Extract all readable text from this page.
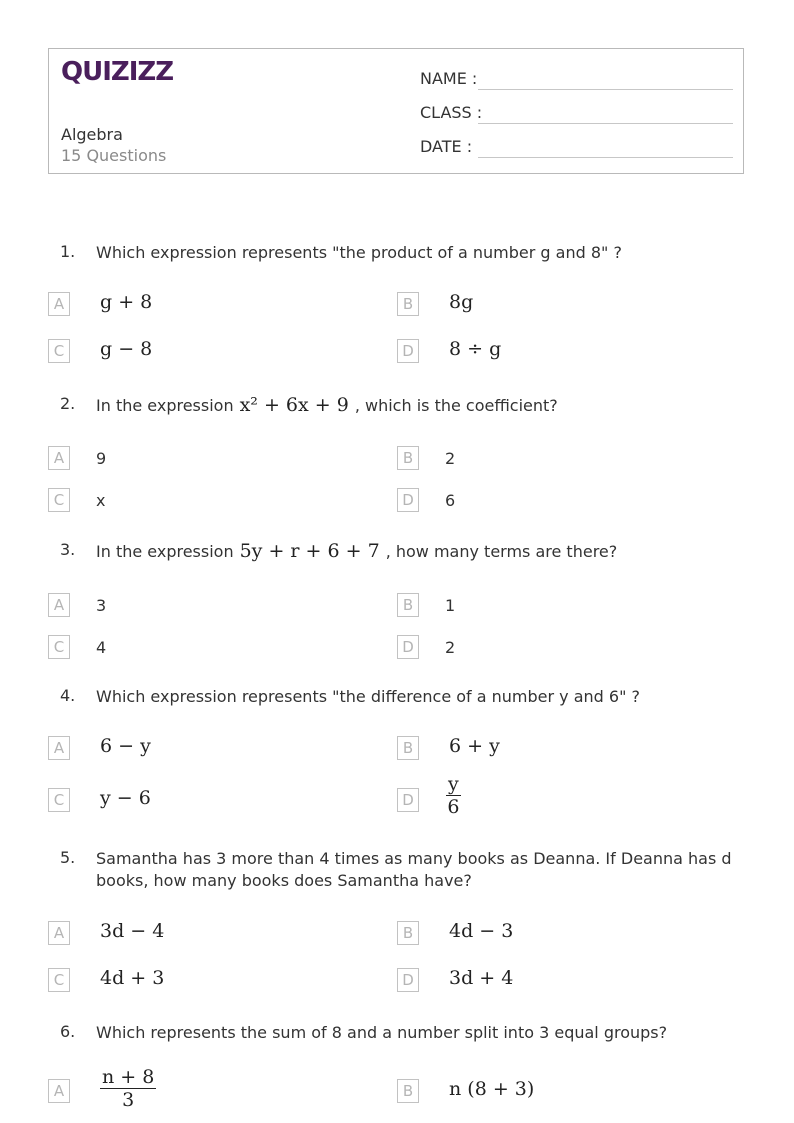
QUIZIZZ
Algebra
15 Questions
NAME :
CLASS :
DATE :
1. Which expression represents "the product of a number g and 8" ?
A	g + 8	B	8g
C	g − 8	D 8 ÷ g
2. In the expression x² + 6x + 9 , which is the coefficient?
A	9	B	2
C	x	D	6
3. In the expression 5y + r + 6 + 7 , how many terms are there?
A	3	B	1
C	4	D	2
4. Which expression represents "the difference of a number y and 6" ?
A	6 − y	B	6 + y
C	y − 6	D $\frac{y}{6}$
5. Samantha has 3 more than 4 times as many books as Deanna. If Deanna has d books, how many books does Samantha have?
A	3d − 4	B	4d − 3
C	4d + 3	D 3d + 4
6. Which represents the sum of 8 and a number split into 3 equal groups?
A	$\frac{n + 8}{3}$	B	n (8 + 3)
